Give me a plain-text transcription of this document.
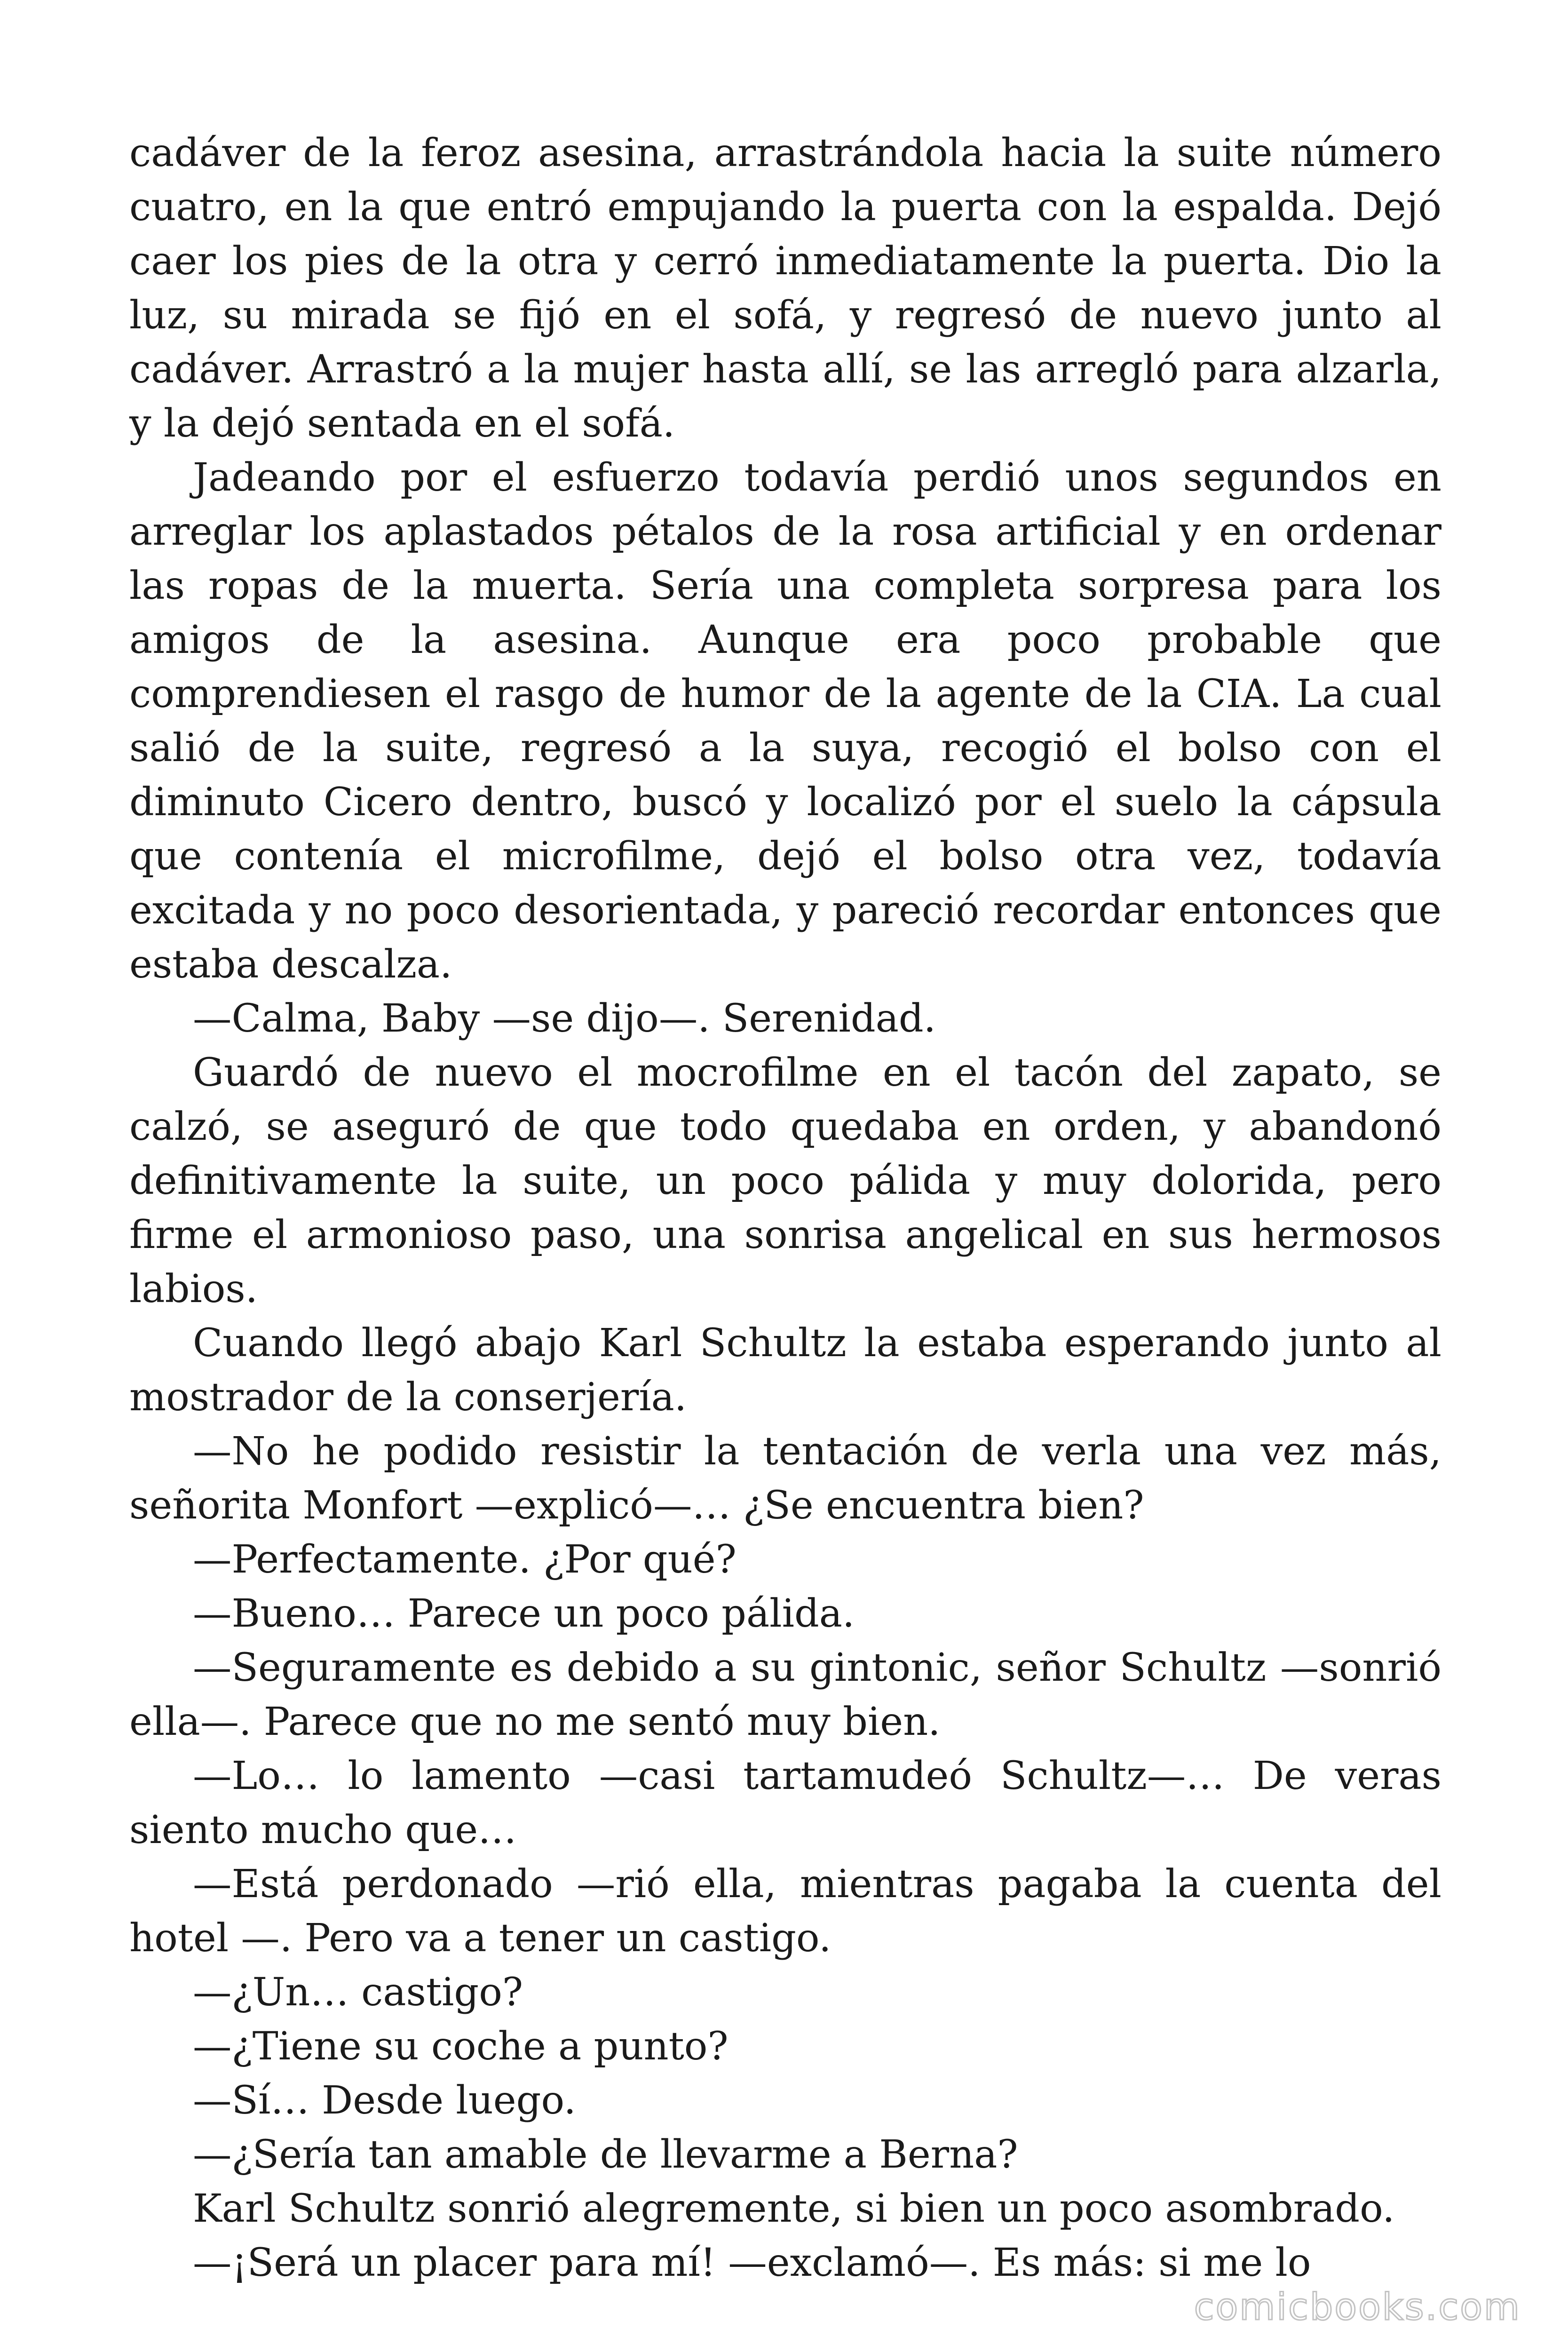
cadáver de la feroz asesina, arrastrándola hacia la suite número cuatro, en la que entró empujando la puerta con la espalda. Dejó caer los pies de la otra y cerró inmediatamente la puerta. Dio la luz, su mirada se fijó en el sofá, y regresó de nuevo junto al cadáver. Arrastró a la mujer hasta allí, se las arregló para alzarla, y la dejó sentada en el sofá.

Jadeando por el esfuerzo todavía perdió unos segundos en arreglar los aplastados pétalos de la rosa artificial y en ordenar las ropas de la muerta. Sería una completa sorpresa para los amigos de la asesina. Aunque era poco probable que comprendiesen el rasgo de humor de la agente de la CIA. La cual salió de la suite, regresó a la suya, recogió el bolso con el diminuto Cicero dentro, buscó y localizó por el suelo la cápsula que contenía el microfilme, dejó el bolso otra vez, todavía excitada y no poco desorientada, y pareció recordar entonces que estaba descalza.

—Calma, Baby —se dijo—. Serenidad.

Guardó de nuevo el mocrofilme en el tacón del zapato, se calzó, se aseguró de que todo quedaba en orden, y abandonó definitivamente la suite, un poco pálida y muy dolorida, pero firme el armonioso paso, una sonrisa angelical en sus hermosos labios.

Cuando llegó abajo Karl Schultz la estaba esperando junto al mostrador de la conserjería.

—No he podido resistir la tentación de verla una vez más, señorita Monfort —explicó—… ¿Se encuentra bien?

—Perfectamente. ¿Por qué?

—Bueno… Parece un poco pálida.

—Seguramente es debido a su gintonic, señor Schultz —sonrió ella—. Parece que no me sentó muy bien.

—Lo… lo lamento —casi tartamudeó Schultz—… De veras siento mucho que…

—Está perdonado —rió ella, mientras pagaba la cuenta del hotel —. Pero va a tener un castigo.

—¿Un… castigo?

—¿Tiene su coche a punto?

—Sí… Desde luego.

—¿Sería tan amable de llevarme a Berna?

Karl Schultz sonrió alegremente, si bien un poco asombrado.

—¡Será un placer para mí! —exclamó—. Es más: si me lo

comicbooks.com
